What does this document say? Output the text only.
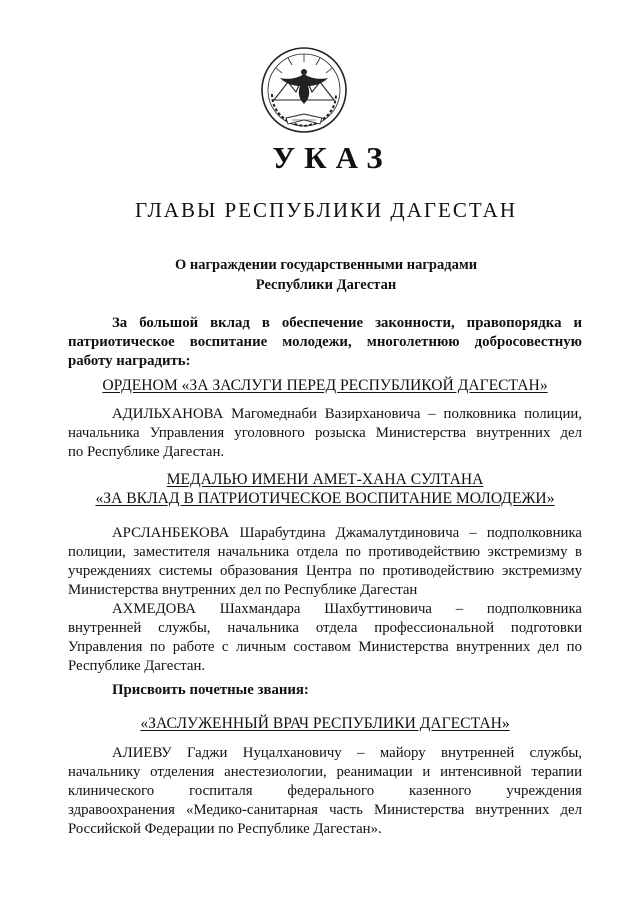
УКАЗ
ГЛАВЫ РЕСПУБЛИКИ ДАГЕСТАН
О награждении государственными наградами
Республики Дагестан
За большой вклад в обеспечение законности, правопорядка и
патриотическое воспитание молодежи, многолетнюю добросовестную
работу наградить:
ОРДЕНОМ «ЗА ЗАСЛУГИ ПЕРЕД РЕСПУБЛИКОЙ ДАГЕСТАН»
АДИЛЬХАНОВА Магомеднаби Вазирхановича – полковника полиции,
начальника Управления уголовного розыска Министерства внутренних дел
по Республике Дагестан.
МЕДАЛЬЮ ИМЕНИ АМЕТ-ХАНА СУЛТАНА
«ЗА ВКЛАД В ПАТРИОТИЧЕСКОЕ ВОСПИТАНИЕ МОЛОДЕЖИ»
АРСЛАНБЕКОВА Шарабутдина Джамалутдиновича – подполковника
полиции, заместителя начальника отдела по противодействию экстремизму в
учреждениях системы образования Центра по противодействию экстремизму
Министерства внутренних дел по Республике Дагестан
АХМЕДОВА Шахмандара Шахбуттиновича – подполковника
внутренней службы, начальника отдела профессиональной подготовки
Управления по работе с личным составом Министерства внутренних дел по
Республике Дагестан.
Присвоить почетные звания:
«ЗАСЛУЖЕННЫЙ ВРАЧ РЕСПУБЛИКИ ДАГЕСТАН»
АЛИЕВУ Гаджи Нуцалхановичу – майору внутренней службы,
начальнику отделения анестезиологии, реанимации и интенсивной терапии
клинического госпиталя федерального казенного учреждения
здравоохранения «Медико-санитарная часть Министерства внутренних дел
Российской Федерации по Республике Дагестан».
